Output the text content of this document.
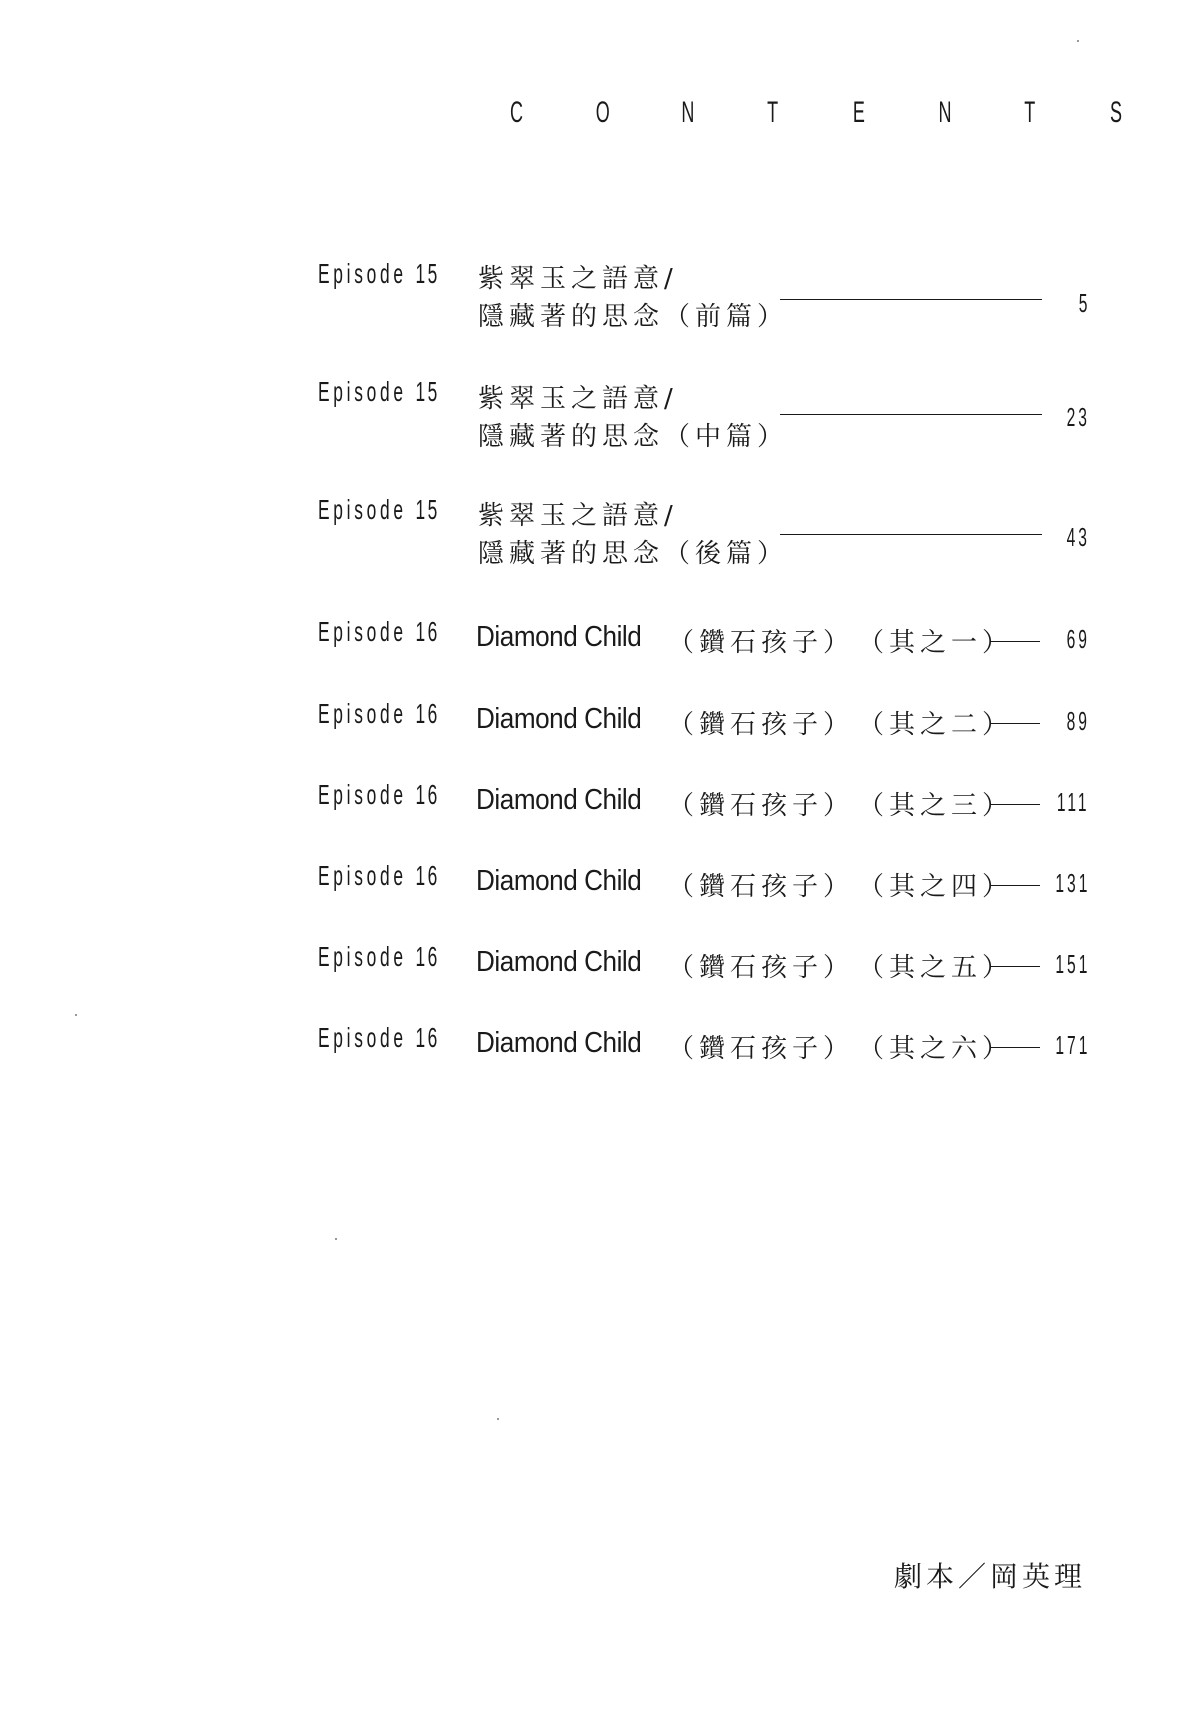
C O N T E N T S
Episode 15 紫翠玉之語意/
隱藏著的思念（前篇）	5
Episode 15 紫翠玉之語意/
隱藏著的思念（中篇）
23
Episode 15 紫翠玉之語意/
隱藏著的思念（後篇）
43
Episode 16 Diamond Child （鑽石孩子） （其之一） 69
Episode 16 Diamond Child （鑽石孩子） （其之二） 89
Episode 16 Diamond Child （鑽石孩子） （其之三） 111
Episode 16 Diamond Child （鑽石孩子） （其之四） 131
Episode 16 Diamond Child （鑽石孩子） （其之五） 151
Episode 16 Diamond Child （鑽石孩子） （其之六） 171
劇本／岡英理
